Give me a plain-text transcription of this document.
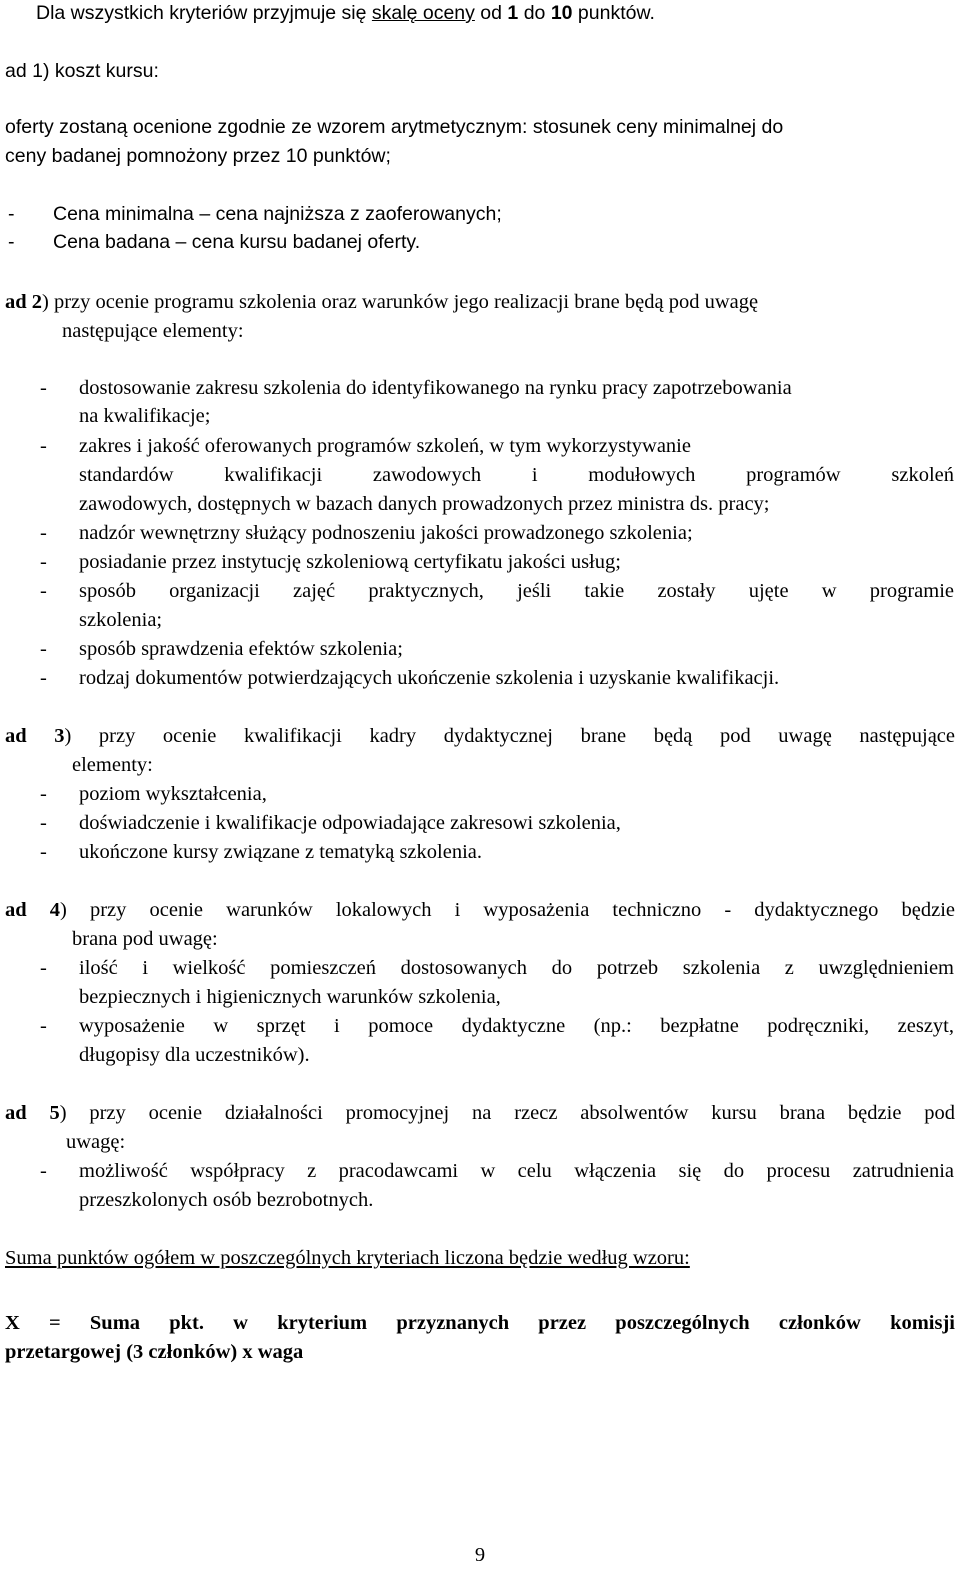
Dla wszystkich kryteriów przyjmuje się skalę oceny od 1 do 10 punktów.
ad 1) koszt kursu:
oferty zostaną ocenione zgodnie ze wzorem arytmetycznym: stosunek ceny minimalnej do
ceny badanej pomnożony przez 10 punktów;
- Cena minimalna – cena najniższa z zaoferowanych;
- Cena badana – cena kursu badanej oferty.
ad 2) przy ocenie programu szkolenia oraz warunków jego realizacji brane będą pod uwagę
następujące elementy:
- dostosowanie zakresu szkolenia do identyfikowanego na rynku pracy zapotrzebowania
na kwalifikacje;
- zakres i jakość oferowanych programów szkoleń, w tym wykorzystywanie
standardów kwalifikacji zawodowych i modułowych programów szkoleń
zawodowych, dostępnych w bazach danych prowadzonych przez ministra ds. pracy;
- nadzór wewnętrzny służący podnoszeniu jakości prowadzonego szkolenia;
- posiadanie przez instytucję szkoleniową certyfikatu jakości usług;
- sposób organizacji zajęć praktycznych, jeśli takie zostały ujęte w programie
szkolenia;
- sposób sprawdzenia efektów szkolenia;
- rodzaj dokumentów potwierdzających ukończenie szkolenia i uzyskanie kwalifikacji.
ad 3) przy ocenie kwalifikacji kadry dydaktycznej brane będą pod uwagę następujące
elementy:
- poziom wykształcenia,
- doświadczenie i kwalifikacje odpowiadające zakresowi szkolenia,
- ukończone kursy związane z tematyką szkolenia.
ad 4) przy ocenie warunków lokalowych i wyposażenia techniczno - dydaktycznego będzie
brana pod uwagę:
- ilość i wielkość pomieszczeń dostosowanych do potrzeb szkolenia z uwzględnieniem
bezpiecznych i higienicznych warunków szkolenia,
- wyposażenie w sprzęt i pomoce dydaktyczne (np.: bezpłatne podręczniki, zeszyt,
długopisy dla uczestników).
ad 5) przy ocenie działalności promocyjnej na rzecz absolwentów kursu brana będzie pod
uwagę:
- możliwość współpracy z pracodawcami w celu włączenia się do procesu zatrudnienia
przeszkolonych osób bezrobotnych.
Suma punktów ogółem w poszczególnych kryteriach liczona będzie według wzoru:
X = Suma pkt. w kryterium przyznanych przez poszczególnych członków komisji
przetargowej (3 członków) x waga
9
